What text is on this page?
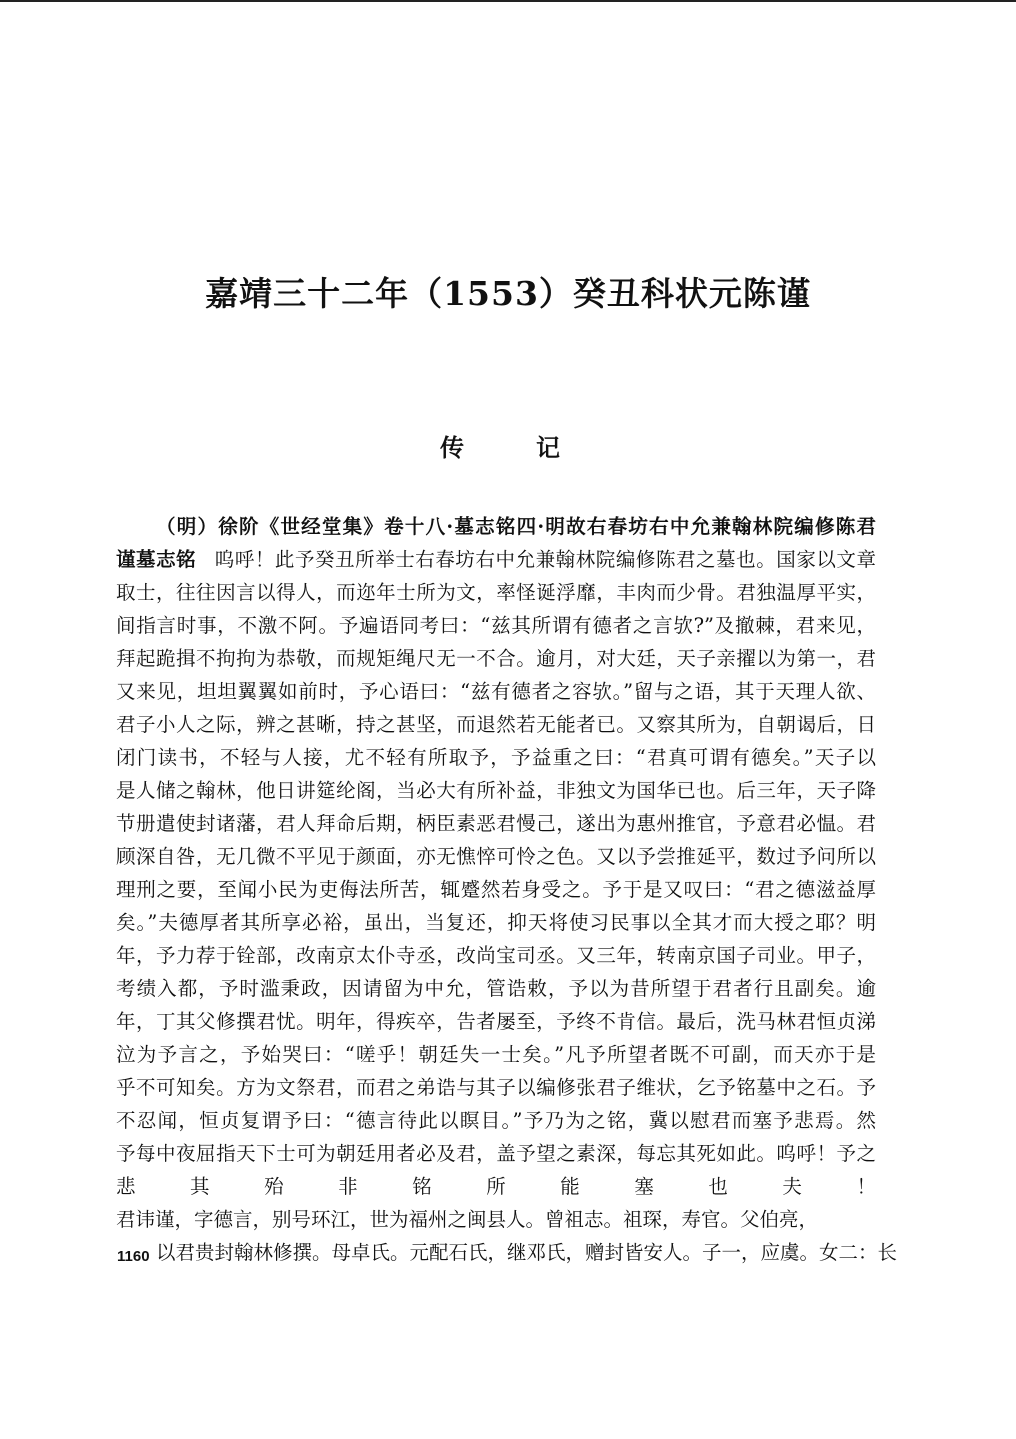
嘉靖三十二年（1553）癸丑科状元陈谨
传	记
（明）徐阶《世经堂集》卷十八·墓志铭四·明故右春坊右中允兼翰林院编修陈君
谨墓志铭 呜呼！此予癸丑所举士右春坊右中允兼翰林院编修陈君之墓也。国家以文章
取士，往往因言以得人，而迩年士所为文，率怪诞浮靡，丰肉而少骨。君独温厚平实，
间指言时事，不激不阿。予遍语同考曰：“兹其所谓有德者之言欤?”及撤棘，君来见，
拜起跪揖不拘拘为恭敬，而规矩绳尺无一不合。逾月，对大廷，天子亲擢以为第一，君
又来见，坦坦翼翼如前时，予心语曰：“兹有德者之容欤。”留与之语，其于天理人欲、
君子小人之际，辨之甚晰，持之甚坚，而退然若无能者已。又察其所为，自朝谒后，日
闭门读书，不轻与人接，尤不轻有所取予，予益重之曰：“君真可谓有德矣。”天子以
是人储之翰林，他日讲筵纶阁，当必大有所补益，非独文为国华已也。后三年，天子降
节册遣使封诸藩，君人拜命后期，柄臣素恶君慢己，遂出为惠州推官，予意君必愠。君
顾深自咎，无几微不平见于颜面，亦无憔悴可怜之色。又以予尝推延平，数过予问所以
理刑之要，至闻小民为吏侮法所苦，辄蹙然若身受之。予于是又叹曰：“君之德滋益厚
矣。”夫德厚者其所享必裕，虽出，当复还，抑天将使习民事以全其才而大授之耶？明
年，予力荐于铨部，改南京太仆寺丞，改尚宝司丞。又三年，转南京国子司业。甲子，
考绩入都，予时滥秉政，因请留为中允，管诰敕，予以为昔所望于君者行且副矣。逾
年，丁其父修撰君忧。明年，得疾卒，告者屡至，予终不肯信。最后，洗马林君恒贞涕
泣为予言之，予始哭曰：“嗟乎！朝廷失一士矣。”凡予所望者既不可副，而天亦于是
乎不可知矣。方为文祭君，而君之弟诰与其子以编修张君子维状，乞予铭墓中之石。予
不忍闻，恒贞复谓予曰：“德言待此以瞑目。”予乃为之铭，冀以慰君而塞予悲焉。然
予每中夜屈指天下士可为朝廷用者必及君，盖予望之素深，每忘其死如此。呜呼！予之
悲其殆非铭所能塞也夫！
君讳谨，字德言，别号环江，世为福州之闽县人。曾祖志。祖琛，寿官。父伯亮，
以君贵封翰林修撰。母卓氏。元配石氏，继邓氏，赠封皆安人。子一，应虞。女二：长
1160
